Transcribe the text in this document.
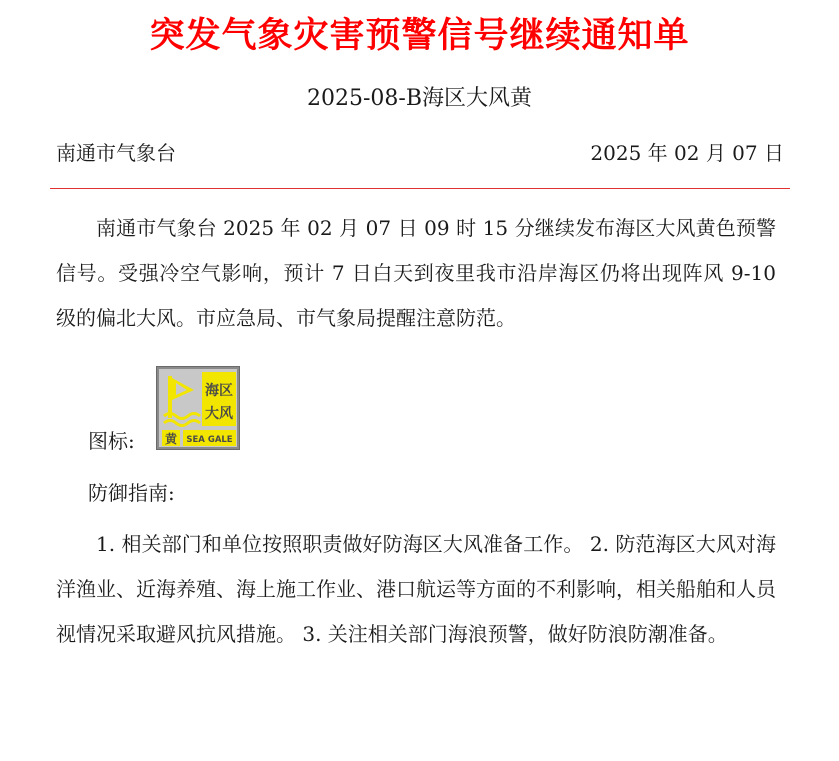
突发气象灾害预警信号继续通知单
2025-08-B海区大风黄
南通市气象台	2025 年 02 月 07 日

南通市气象台 2025 年 02 月 07 日 09 时 15 分继续发布海区大风黄色预警信号。受强冷空气影响，预计 7 日白天到夜里我市沿岸海区仍将出现阵风 9-10 级的偏北大风。市应急局、市气象局提醒注意防范。

图标:
海区
大风
黄 SEA GALE
防御指南:

1. 相关部门和单位按照职责做好防海区大风准备工作。 2. 防范海区大风对海洋渔业、近海养殖、海上施工作业、港口航运等方面的不利影响，相关船舶和人员视情况采取避风抗风措施。 3. 关注相关部门海浪预警，做好防浪防潮准备。
